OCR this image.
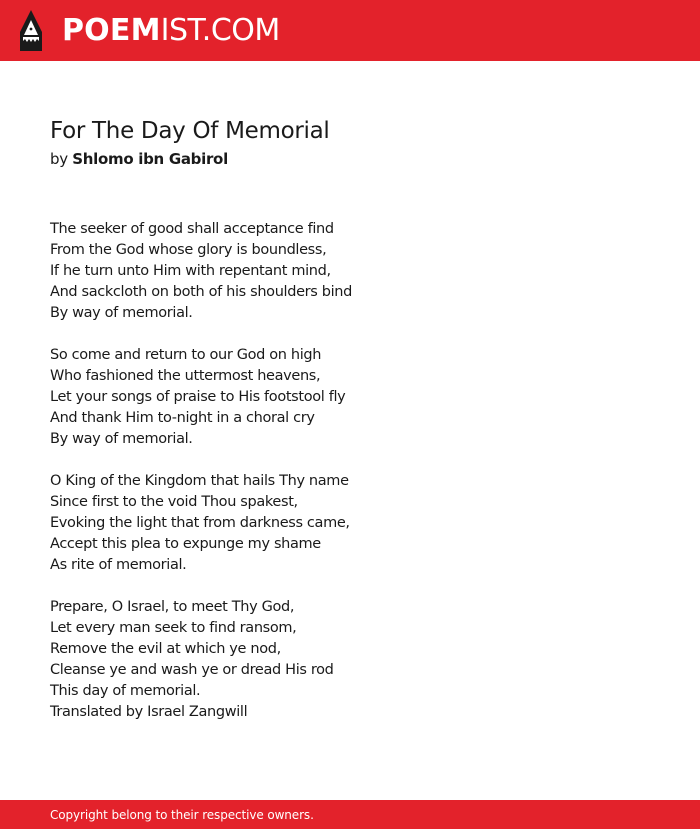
POEMIST.COM
For The Day Of Memorial
by Shlomo ibn Gabirol
The seeker of good shall acceptance find
From the God whose glory is boundless,
If he turn unto Him with repentant mind,
And sackcloth on both of his shoulders bind
By way of memorial.
So come and return to our God on high
Who fashioned the uttermost heavens,
Let your songs of praise to His footstool fly
And thank Him to-night in a choral cry
By way of memorial.
O King of the Kingdom that hails Thy name
Since first to the void Thou spakest,
Evoking the light that from darkness came,
Accept this plea to expunge my shame
As rite of memorial.
Prepare, O Israel, to meet Thy God,
Let every man seek to find ransom,
Remove the evil at which ye nod,
Cleanse ye and wash ye or dread His rod
This day of memorial.
Translated by Israel Zangwill
Copyright belong to their respective owners.
